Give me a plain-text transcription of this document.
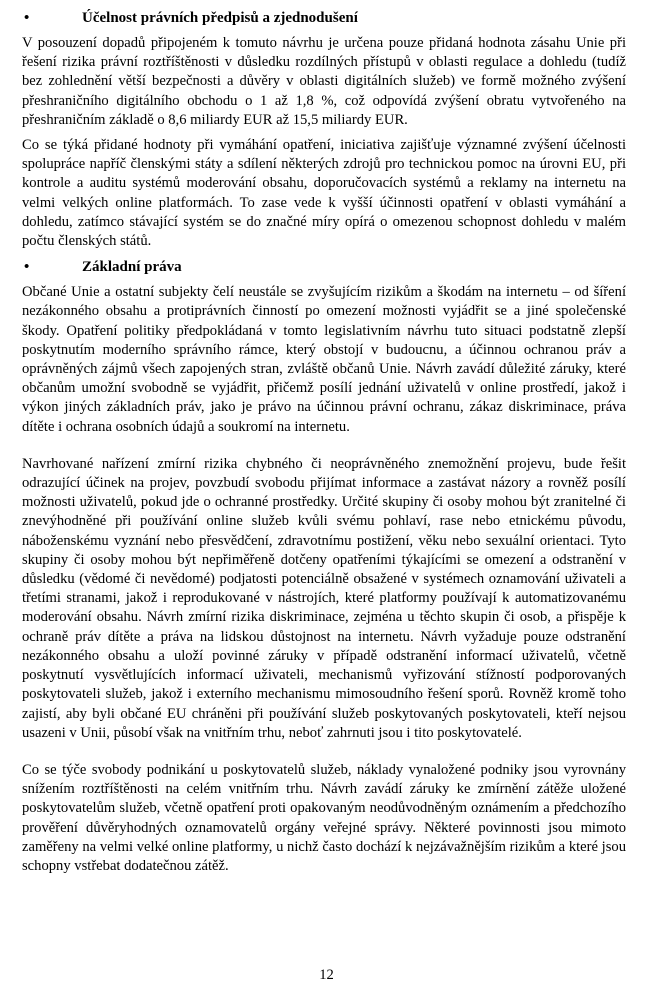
•	Účelnost právních předpisů a zjednodušení

V posouzení dopadů připojeném k tomuto návrhu je určena pouze přidaná hodnota zásahu Unie při řešení rizika právní roztříštěnosti v důsledku rozdílných přístupů v oblasti regulace a dohledu (tudíž bez zohlednění větší bezpečnosti a důvěry v oblasti digitálních služeb) ve formě možného zvýšení přeshraničního digitálního obchodu o 1 až 1,8 %, což odpovídá zvýšení obratu vytvořeného na přeshraničním základě o 8,6 miliardy EUR až 15,5 miliardy EUR.

Co se týká přidané hodnoty při vymáhání opatření, iniciativa zajišťuje významné zvýšení účelnosti spolupráce napříč členskými státy a sdílení některých zdrojů pro technickou pomoc na úrovni EU, při kontrole a auditu systémů moderování obsahu, doporučovacích systémů a reklamy na internetu na velmi velkých online platformách. To zase vede k vyšší účinnosti opatření v oblasti vymáhání a dohledu, zatímco stávající systém se do značné míry opírá o omezenou schopnost dohledu v malém počtu členských států.

•	Základní práva

Občané Unie a ostatní subjekty čelí neustále se zvyšujícím rizikům a škodám na internetu – od šíření nezákonného obsahu a protiprávních činností po omezení možnosti vyjádřit se a jiné společenské škody. Opatření politiky předpokládaná v tomto legislativním návrhu tuto situaci podstatně zlepší poskytnutím moderního správního rámce, který obstojí v budoucnu, a účinnou ochranou práv a oprávněných zájmů všech zapojených stran, zvláště občanů Unie. Návrh zavádí důležité záruky, které občanům umožní svobodně se vyjádřit, přičemž posílí jednání uživatelů v online prostředí, jakož i výkon jiných základních práv, jako je právo na účinnou právní ochranu, zákaz diskriminace, práva dítěte i ochrana osobních údajů a soukromí na internetu.

Navrhované nařízení zmírní rizika chybného či neoprávněného znemožnění projevu, bude řešit odrazující účinek na projev, povzbudí svobodu přijímat informace a zastávat názory a rovněž posílí možnosti uživatelů, pokud jde o ochranné prostředky. Určité skupiny či osoby mohou být zranitelné či znevýhodněné při používání online služeb kvůli svému pohlaví, rase nebo etnickému původu, náboženskému vyznání nebo přesvědčení, zdravotnímu postižení, věku nebo sexuální orientaci. Tyto skupiny či osoby mohou být nepřiměřeně dotčeny opatřeními týkajícími se omezení a odstranění v důsledku (vědomé či nevědomé) podjatosti potenciálně obsažené v systémech oznamování uživateli a třetími stranami, jakož i reprodukované v nástrojích, které platformy používají k automatizovanému moderování obsahu. Návrh zmírní rizika diskriminace, zejména u těchto skupin či osob, a přispěje k ochraně práv dítěte a práva na lidskou důstojnost na internetu. Návrh vyžaduje pouze odstranění nezákonného obsahu a uloží povinné záruky v případě odstranění informací uživatelů, včetně poskytnutí vysvětlujících informací uživateli, mechanismů vyřizování stížností podporovaných poskytovateli služeb, jakož i externího mechanismu mimosoudního řešení sporů. Rovněž kromě toho zajistí, aby byli občané EU chráněni při používání služeb poskytovaných poskytovateli, kteří nejsou usazeni v Unii, působí však na vnitřním trhu, neboť zahrnuti jsou i tito poskytovatelé.

Co se týče svobody podnikání u poskytovatelů služeb, náklady vynaložené podniky jsou vyrovnány snížením roztříštěnosti na celém vnitřním trhu. Návrh zavádí záruky ke zmírnění zátěže uložené poskytovatelům služeb, včetně opatření proti opakovaným neodůvodněným oznámením a předchozího prověření důvěryhodných oznamovatelů orgány veřejné správy. Některé povinnosti jsou mimoto zaměřeny na velmi velké online platformy, u nichž často dochází k nejzávažnějším rizikům a které jsou schopny vstřebat dodatečnou zátěž.

12
